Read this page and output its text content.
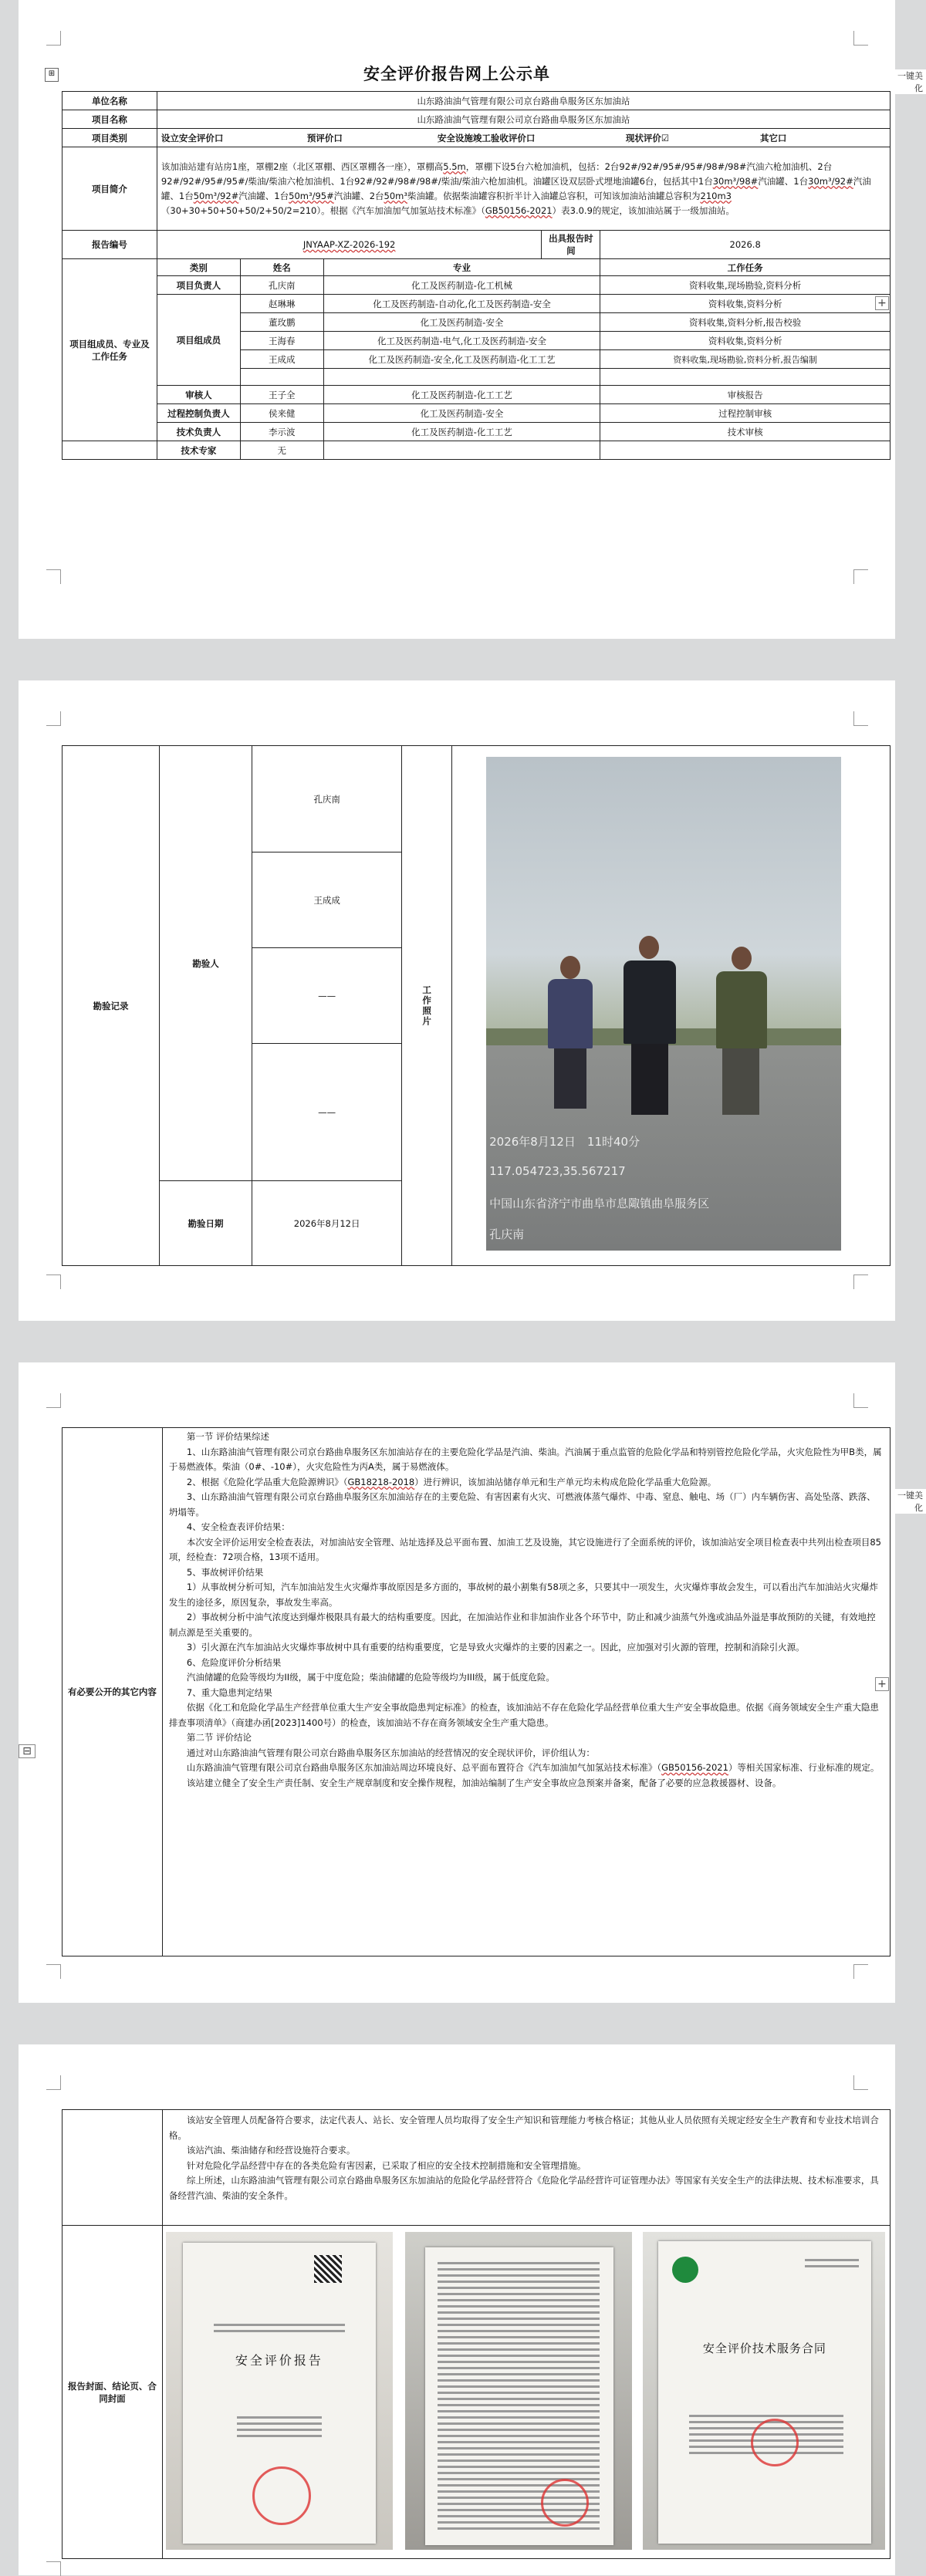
一键美化
一键美化
⊞	安全评价报告网上公示单
单位名称	山东路油油气管理有限公司京台路曲阜服务区东加油站				
项目名称	山东路油油气管理有限公司京台路曲阜服务区东加油站				
项目类别	设立安全评价口 预评价口 安全设施竣工验收评价口 现状评价☑ 其它口				
项目简介	该加油站建有站房1座，罩棚2座（北区罩棚、西区罩棚各一座），罩棚高5.5m，罩棚下设5台六枪加油机，包括：2台92#/92#/95#/95#/98#/98#汽油六枪加油机、2台92#/92#/95#/95#/柴油/柴油六枪加油机、1台92#/92#/98#/98#/柴油/柴油六枪加油机。油罐区设双层卧式埋地油罐6台，包括其中1台30m³/98#汽油罐、1台30m³/92#汽油罐、1台50m³/92#汽油罐、1台50m³/95#汽油罐、2台50m³柴油罐。依据柴油罐容积折半计入油罐总容积，可知该加油站油罐总容积为210m3（30+30+50+50+50/2+50/2=210）。根据《汽车加油加气加氢站技术标准》（GB50156-2021）表3.0.9的规定，该加油站属于一级加油站。				
报告编号	JNYAAP-XZ-2026-192			出具报告时间	2026.8
项目组成员、专业及工作任务	类别	姓名	专业		工作任务
	项目负责人	孔庆南	化工及医药制造-化工机械		资料收集,现场勘验,资料分析
	项目组成员	赵琳琳	化工及医药制造-自动化,化工及医药制造-安全		资料收集,资料分析
		董玫鹏	化工及医药制造-安全		资料收集,资料分析,报告校验
		王海春	化工及医药制造-电气,化工及医药制造-安全		资料收集,资料分析
		王成成	化工及医药制造-安全,化工及医药制造-化工工艺		资料收集,现场勘验,资料分析,报告编制

	审核人	王子全	化工及医药制造-化工工艺		审核报告
	过程控制负责人	侯来健	化工及医药制造-安全		过程控制审核
	技术负责人	李示波	化工及医药制造-化工工艺		技术审核
	技术专家	无			
+
勘验记录	勘验人	孔庆南	工作照片	2026年8月12日　11时40分
117.054723,35.567217
中国山东省济宁市曲阜市息陬镇曲阜服务区
孔庆南

		王成成		
		——		
		——		
	勘验日期	2026年8月12日		
+
⊟
有必要公开的其它内容	

第一节 评价结果综述

1、山东路油油气管理有限公司京台路曲阜服务区东加油站存在的主要危险化学品是汽油、柴油。汽油属于重点监管的危险化学品和特别管控危险化学品，火灾危险性为甲B类，属于易燃液体。柴油（0#、-10#），火灾危险性为丙A类，属于易燃液体。

2、根据《危险化学品重大危险源辨识》（GB18218-2018）进行辨识，该加油站储存单元和生产单元均未构成危险化学品重大危险源。

3、山东路油油气管理有限公司京台路曲阜服务区东加油站存在的主要危险、有害因素有火灾、可燃液体蒸气爆炸、中毒、窒息、触电、场（厂）内车辆伤害、高处坠落、跌落、坍塌等。

4、安全检查表评价结果：

本次安全评价运用安全检查表法，对加油站安全管理、站址选择及总平面布置、加油工艺及设施，其它设施进行了全面系统的评价，该加油站安全项目检查表中共列出检查项目85项，经检查：72项合格，13项不适用。

5、事故树评价结果

1）从事故树分析可知，汽车加油站发生火灾爆炸事故原因是多方面的，事故树的最小割集有58项之多，只要其中一项发生，火灾爆炸事故会发生，可以看出汽车加油站火灾爆炸发生的途径多，原因复杂，事故发生率高。

2）事故树分析中油气浓度达到爆炸极限具有最大的结构重要度。因此，在加油站作业和非加油作业各个环节中，防止和减少油蒸气外逸或油品外溢是事故预防的关键，有效地控制点源是至关重要的。

3）引火源在汽车加油站火灾爆炸事故树中具有重要的结构重要度，它是导致火灾爆炸的主要的因素之一。因此，应加强对引火源的管理，控制和消除引火源。

6、危险度评价分析结果

汽油储罐的危险等级均为II级，属于中度危险；柴油储罐的危险等级均为III级，属于低度危险。

7、重大隐患判定结果

依据《化工和危险化学品生产经营单位重大生产安全事故隐患判定标准》的检查，该加油站不存在危险化学品经营单位重大生产安全事故隐患。依据《商务领域安全生产重大隐患排查事项清单》（商建办函[2023]1400号）的检查，该加油站不存在商务领域安全生产重大隐患。

第二节 评价结论

通过对山东路油油气管理有限公司京台路曲阜服务区东加油站的经营情况的安全现状评价，评价组认为：

山东路油油气管理有限公司京台路曲阜服务区东加油站周边环境良好、总平面布置符合《汽车加油加气加氢站技术标准》（GB50156-2021）等相关国家标准、行业标准的规定。

该站建立健全了安全生产责任制、安全生产规章制度和安全操作规程，加油站编制了生产安全事故应急预案并备案，配备了必要的应急救援器材、设备。

	该站安全管理人员配备符合要求，法定代表人、站长、安全管理人员均取得了安全生产知识和管理能力考核合格证；其他从业人员依照有关规定经安全生产教育和专业技术培训合格。

该站汽油、柴油储存和经营设施符合要求。

针对危险化学品经营中存在的各类危险有害因素，已采取了相应的安全技术控制措施和安全管理措施。

综上所述，山东路油油气管理有限公司京台路曲阜服务区东加油站的危险化学品经营符合《危险化学品经营许可证管理办法》等国家有关安全生产的法律法规、技术标准要求，具备经营汽油、柴油的安全条件。

报告封面、结论页、合同封面	安全评价报告
安全评价技术服务合同
